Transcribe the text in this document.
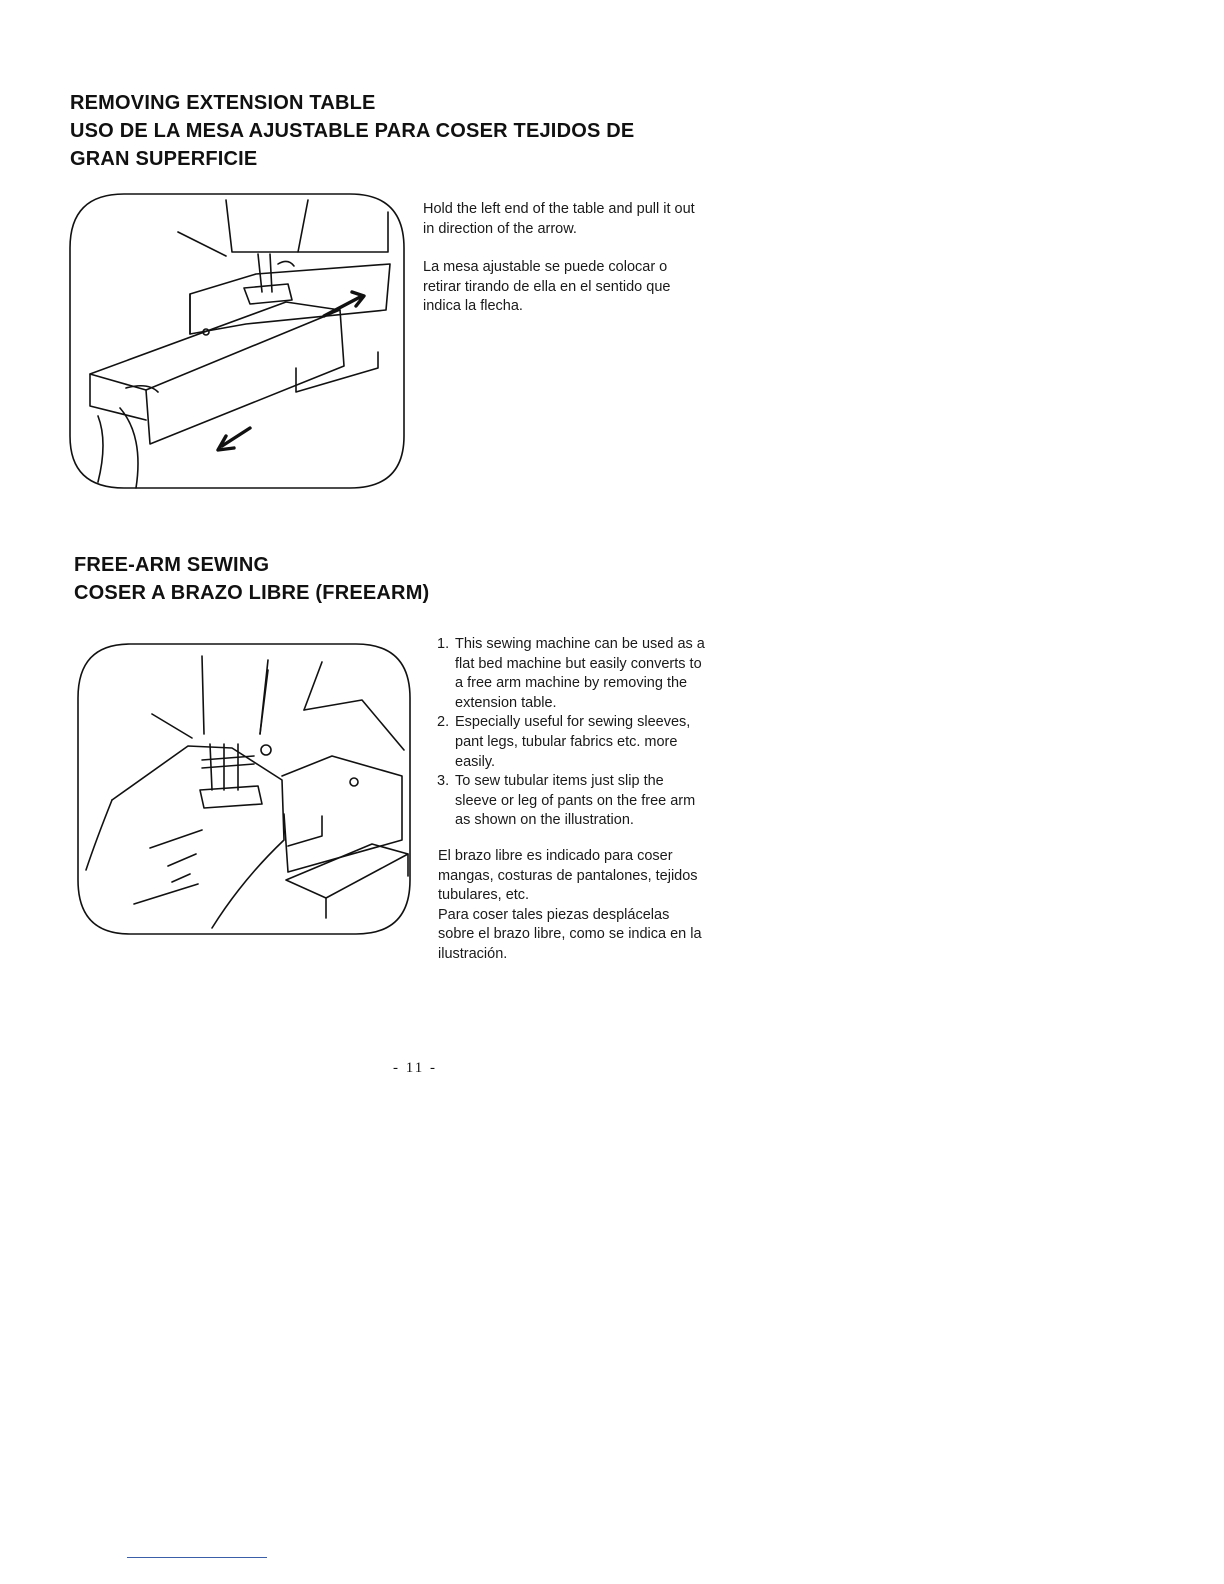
REMOVING EXTENSION TABLE
USO DE LA MESA AJUSTABLE PARA COSER TEJIDOS DE
GRAN SUPERFICIE

Hold the left end of the table and pull it out
in direction of the arrow.

La mesa ajustable se puede colocar o
retirar tirando de ella en el sentido que
indica la flecha.

FREE-ARM SEWING
COSER A BRAZO LIBRE (FREEARM)
1. This sewing machine can be used as a
flat bed machine but easily converts to
a free arm machine by removing the
extension table.
2. Especially useful for sewing sleeves,
pant legs, tubular fabrics etc. more
easily.
3. To sew tubular items just slip the
sleeve or leg of pants on the free arm
as shown on the illustration.

El brazo libre es indicado para coser
mangas, costuras de pantalones, tejidos
tubulares, etc.
Para coser tales piezas desplácelas
sobre el brazo libre, como se indica en la
ilustración.

- 11 -
